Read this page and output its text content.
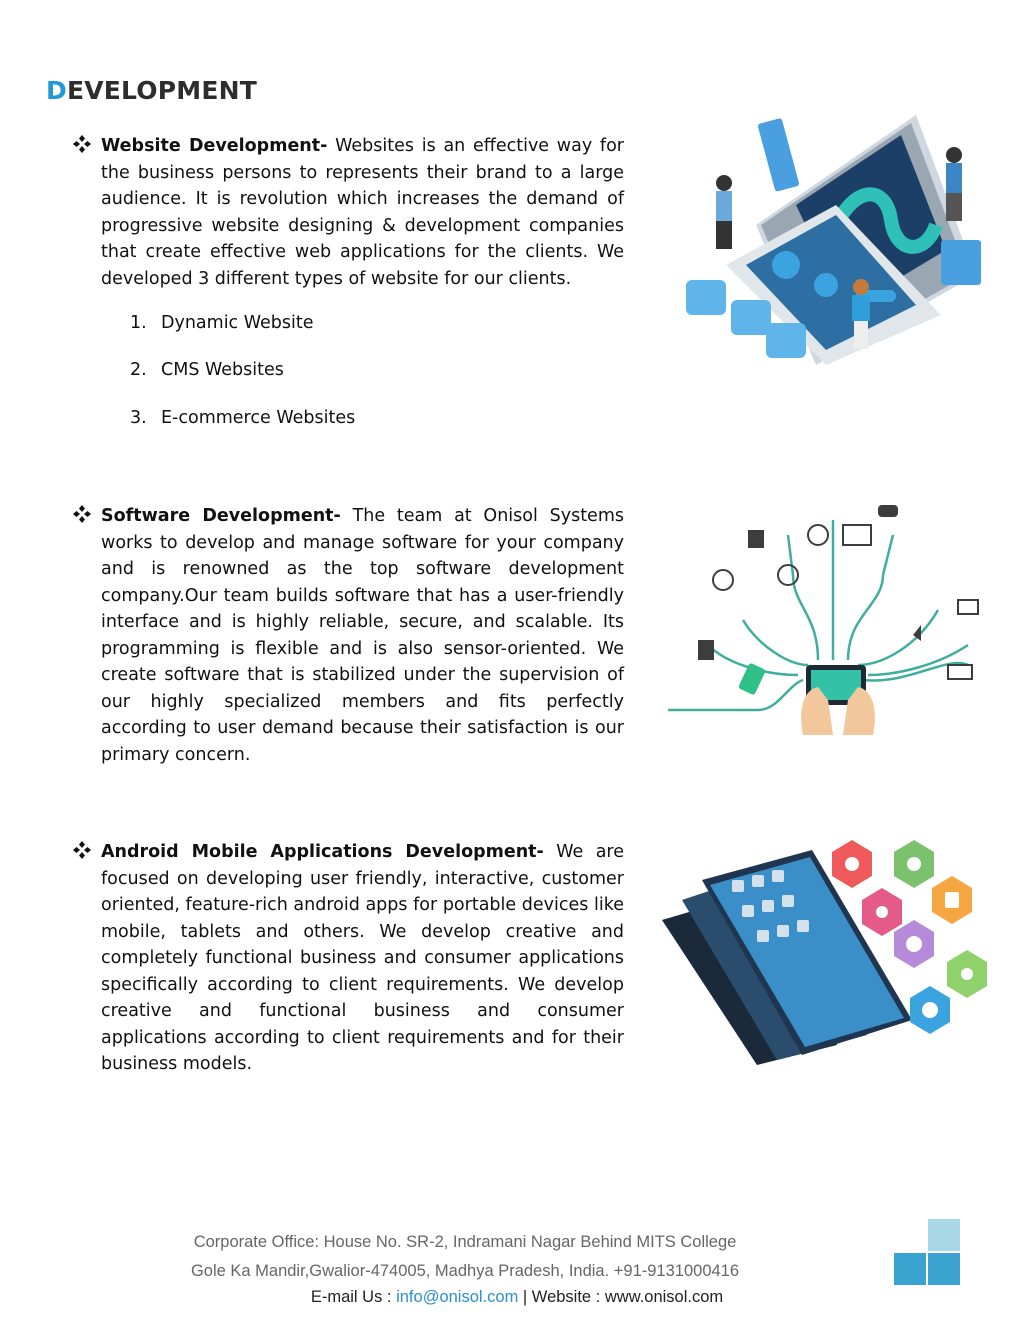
DEVELOPMENT
Website Development- Websites is an effective way for the business persons to represents their brand to a large audience. It is revolution which increases the demand of progressive website designing & development companies that create effective web applications for the clients. We developed 3 different types of website for our clients.
1. Dynamic Website
2. CMS Websites
3. E-commerce Websites
Software Development- The team at Onisol Systems works to develop and manage software for your company and is renowned as the top software development company.Our team builds software that has a user-friendly interface and is highly reliable, secure, and scalable. Its programming is flexible and is also sensor-oriented. We create software that is stabilized under the supervision of our highly specialized members and fits perfectly according to user demand because their satisfaction is our primary concern.
Android Mobile Applications Development- We are focused on developing user friendly, interactive, customer oriented, feature-rich android apps for portable devices like mobile, tablets and others. We develop creative and completely functional business and consumer applications specifically according to client requirements. We develop creative and functional business and consumer applications according to client requirements and for their business models.
Corporate Office: House No. SR-2, Indramani Nagar Behind MITS College
Gole Ka Mandir,Gwalior-474005, Madhya Pradesh, India. +91-9131000416
E-mail Us : info@onisol.com | Website : www.onisol.com
